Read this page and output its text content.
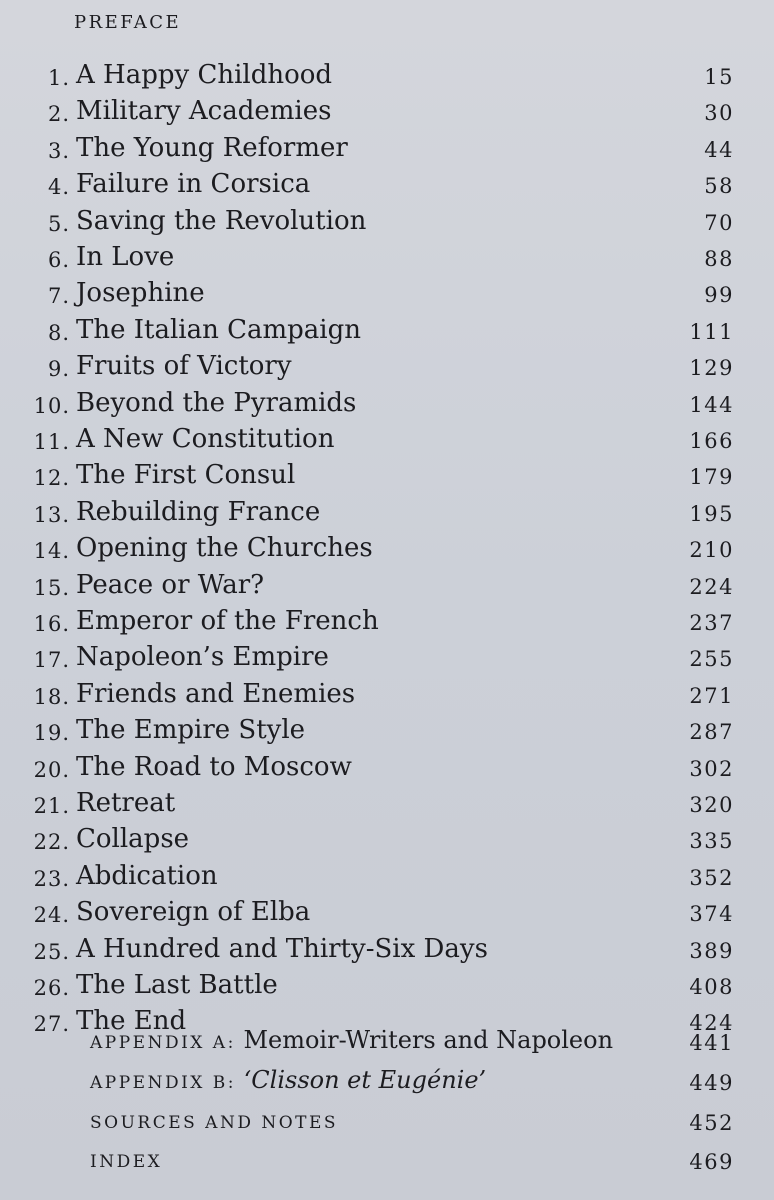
PREFACE
1. A Happy Childhood	15
2. Military Academies	30
3. The Young Reformer	44
4. Failure in Corsica	58
5. Saving the Revolution	70
6. In Love	88
7. Josephine	99
8. The Italian Campaign	111
9. Fruits of Victory	129
10. Beyond the Pyramids	144
11. A New Constitution	166
12. The First Consul	179
13. Rebuilding France	195
14. Opening the Churches	210
15. Peace or War?	224
16. Emperor of the French	237
17. Napoleon’s Empire	255
18. Friends and Enemies	271
19. The Empire Style	287
20. The Road to Moscow	302
21. Retreat	320
22. Collapse	335
23. Abdication	352
24. Sovereign of Elba	374
25. A Hundred and Thirty-Six Days	389
26. The Last Battle	408
27. The End	424
APPENDIX A: Memoir-Writers and Napoleon	441
APPENDIX B: ‘Clisson et Eugénie’	449
SOURCES AND NOTES	452
INDEX	469
